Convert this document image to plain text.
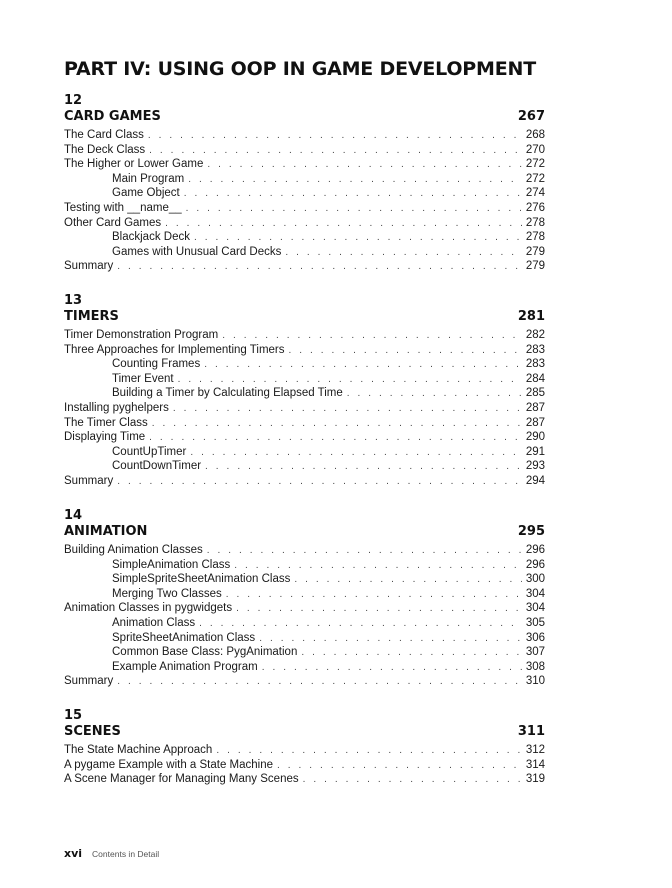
PART IV: USING OOP IN GAME DEVELOPMENT
12
CARD GAMES	267
The Card Class . . .	268
The Deck Class . . .	270
The Higher or Lower Game . . .	272
Main Program . . .	272
Game Object . . .	274
Testing with __name__ . . .	276
Other Card Games . . .	278
Blackjack Deck . . .	278
Games with Unusual Card Decks . . .	279
Summary . . .	279
13
TIMERS	281
Timer Demonstration Program . . .	282
Three Approaches for Implementing Timers . . .	283
Counting Frames . . .	283
Timer Event . . .	284
Building a Timer by Calculating Elapsed Time . . .	285
Installing pyghelpers . . .	287
The Timer Class . . .	287
Displaying Time . . .	290
CountUpTimer . . .	291
CountDownTimer . . .	293
Summary . . .	294
14
ANIMATION	295
Building Animation Classes . . .	296
SimpleAnimation Class . . .	296
SimpleSpriteSheetAnimation Class . . .	300
Merging Two Classes . . .	304
Animation Classes in pygwidgets . . .	304
Animation Class . . .	305
SpriteSheetAnimation Class . . .	306
Common Base Class: PygAnimation . . .	307
Example Animation Program . . .	308
Summary . . .	310
15
SCENES	311
The State Machine Approach . . .	312
A pygame Example with a State Machine . . .	314
A Scene Manager for Managing Many Scenes . . .	319
xvi Contents in Detail
